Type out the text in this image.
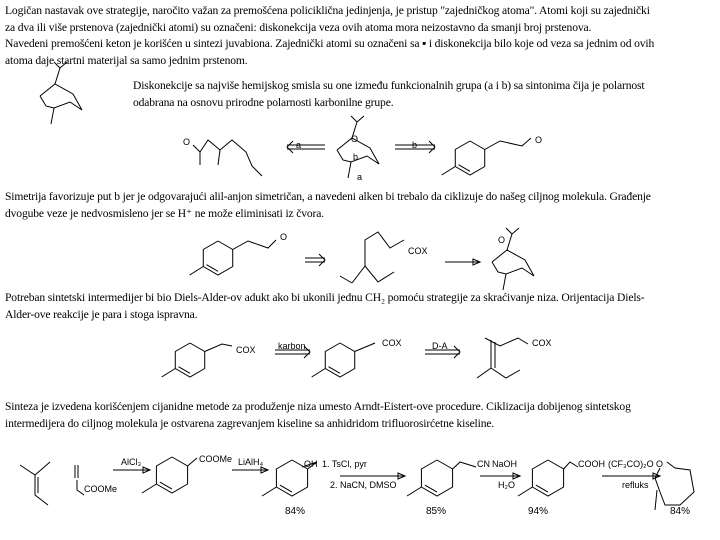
Logičan nastavak ove strategije, naročito važan za premošćena policiklična jedinjenja, je pristup "zajedničkog atoma". Atomi koji su zajednički
za dva ili više prstenova (zajednički atomi) su označeni: diskonekcija veza ovih atoma mora neizostavno da smanji broj prstenova.
Navedeni premošćeni keton je korišćen u sintezi juvabiona. Zajednički atomi su označeni sa ▪ i diskonekcija bilo koje od veza sa jednim od ovih
atoma daje startni materijal sa samo jednim prstenom.
Diskonekcije sa najviše hemijskog smisla su one između funkcionalnih grupa (a i b) sa sintonima čija je polarnost
odabrana na osnovu prirodne polarnosti karbonilne grupe.
Simetrija favorizuje put b jer je odgovarajući alil-anjon simetričan, a navedeni alken bi trebalo da ciklizuje do našeg ciljnog molekula. Građenje
dvogube veze je nedvosmisleno jer se H⁺ ne može eliminisati iz čvora.
Potreban sintetski intermedijer bi bio Diels-Alder-ov adukt ako bi ukonili jednu CH₂ pomoću strategije za skraćivanje niza. Orijentacija Diels-
Alder-ove reakcije je para i stoga ispravna.
Sinteza je izvedena korišćenjem cijanidne metode za produženje niza umesto Arndt-Eistert-ove procedure. Ciklizacija dobijenog sintetskog
intermedijera do ciljnog molekula je ostvarena zagrevanjem kiseline sa anhidridom trifluorosirćetne kiseline.
O	a	b
O
b
a
O
O
COX
O
COX karbon	COX	D-A	COX
COOMe
AlCl₃	COOMe LiAlH₄	OH 1. TsCl, pyr
2. NaCN, DMSO
CN NaOH
H₂O
COOH (CF₃CO)₂O
refluks
O
84%	85%	94%	84%
